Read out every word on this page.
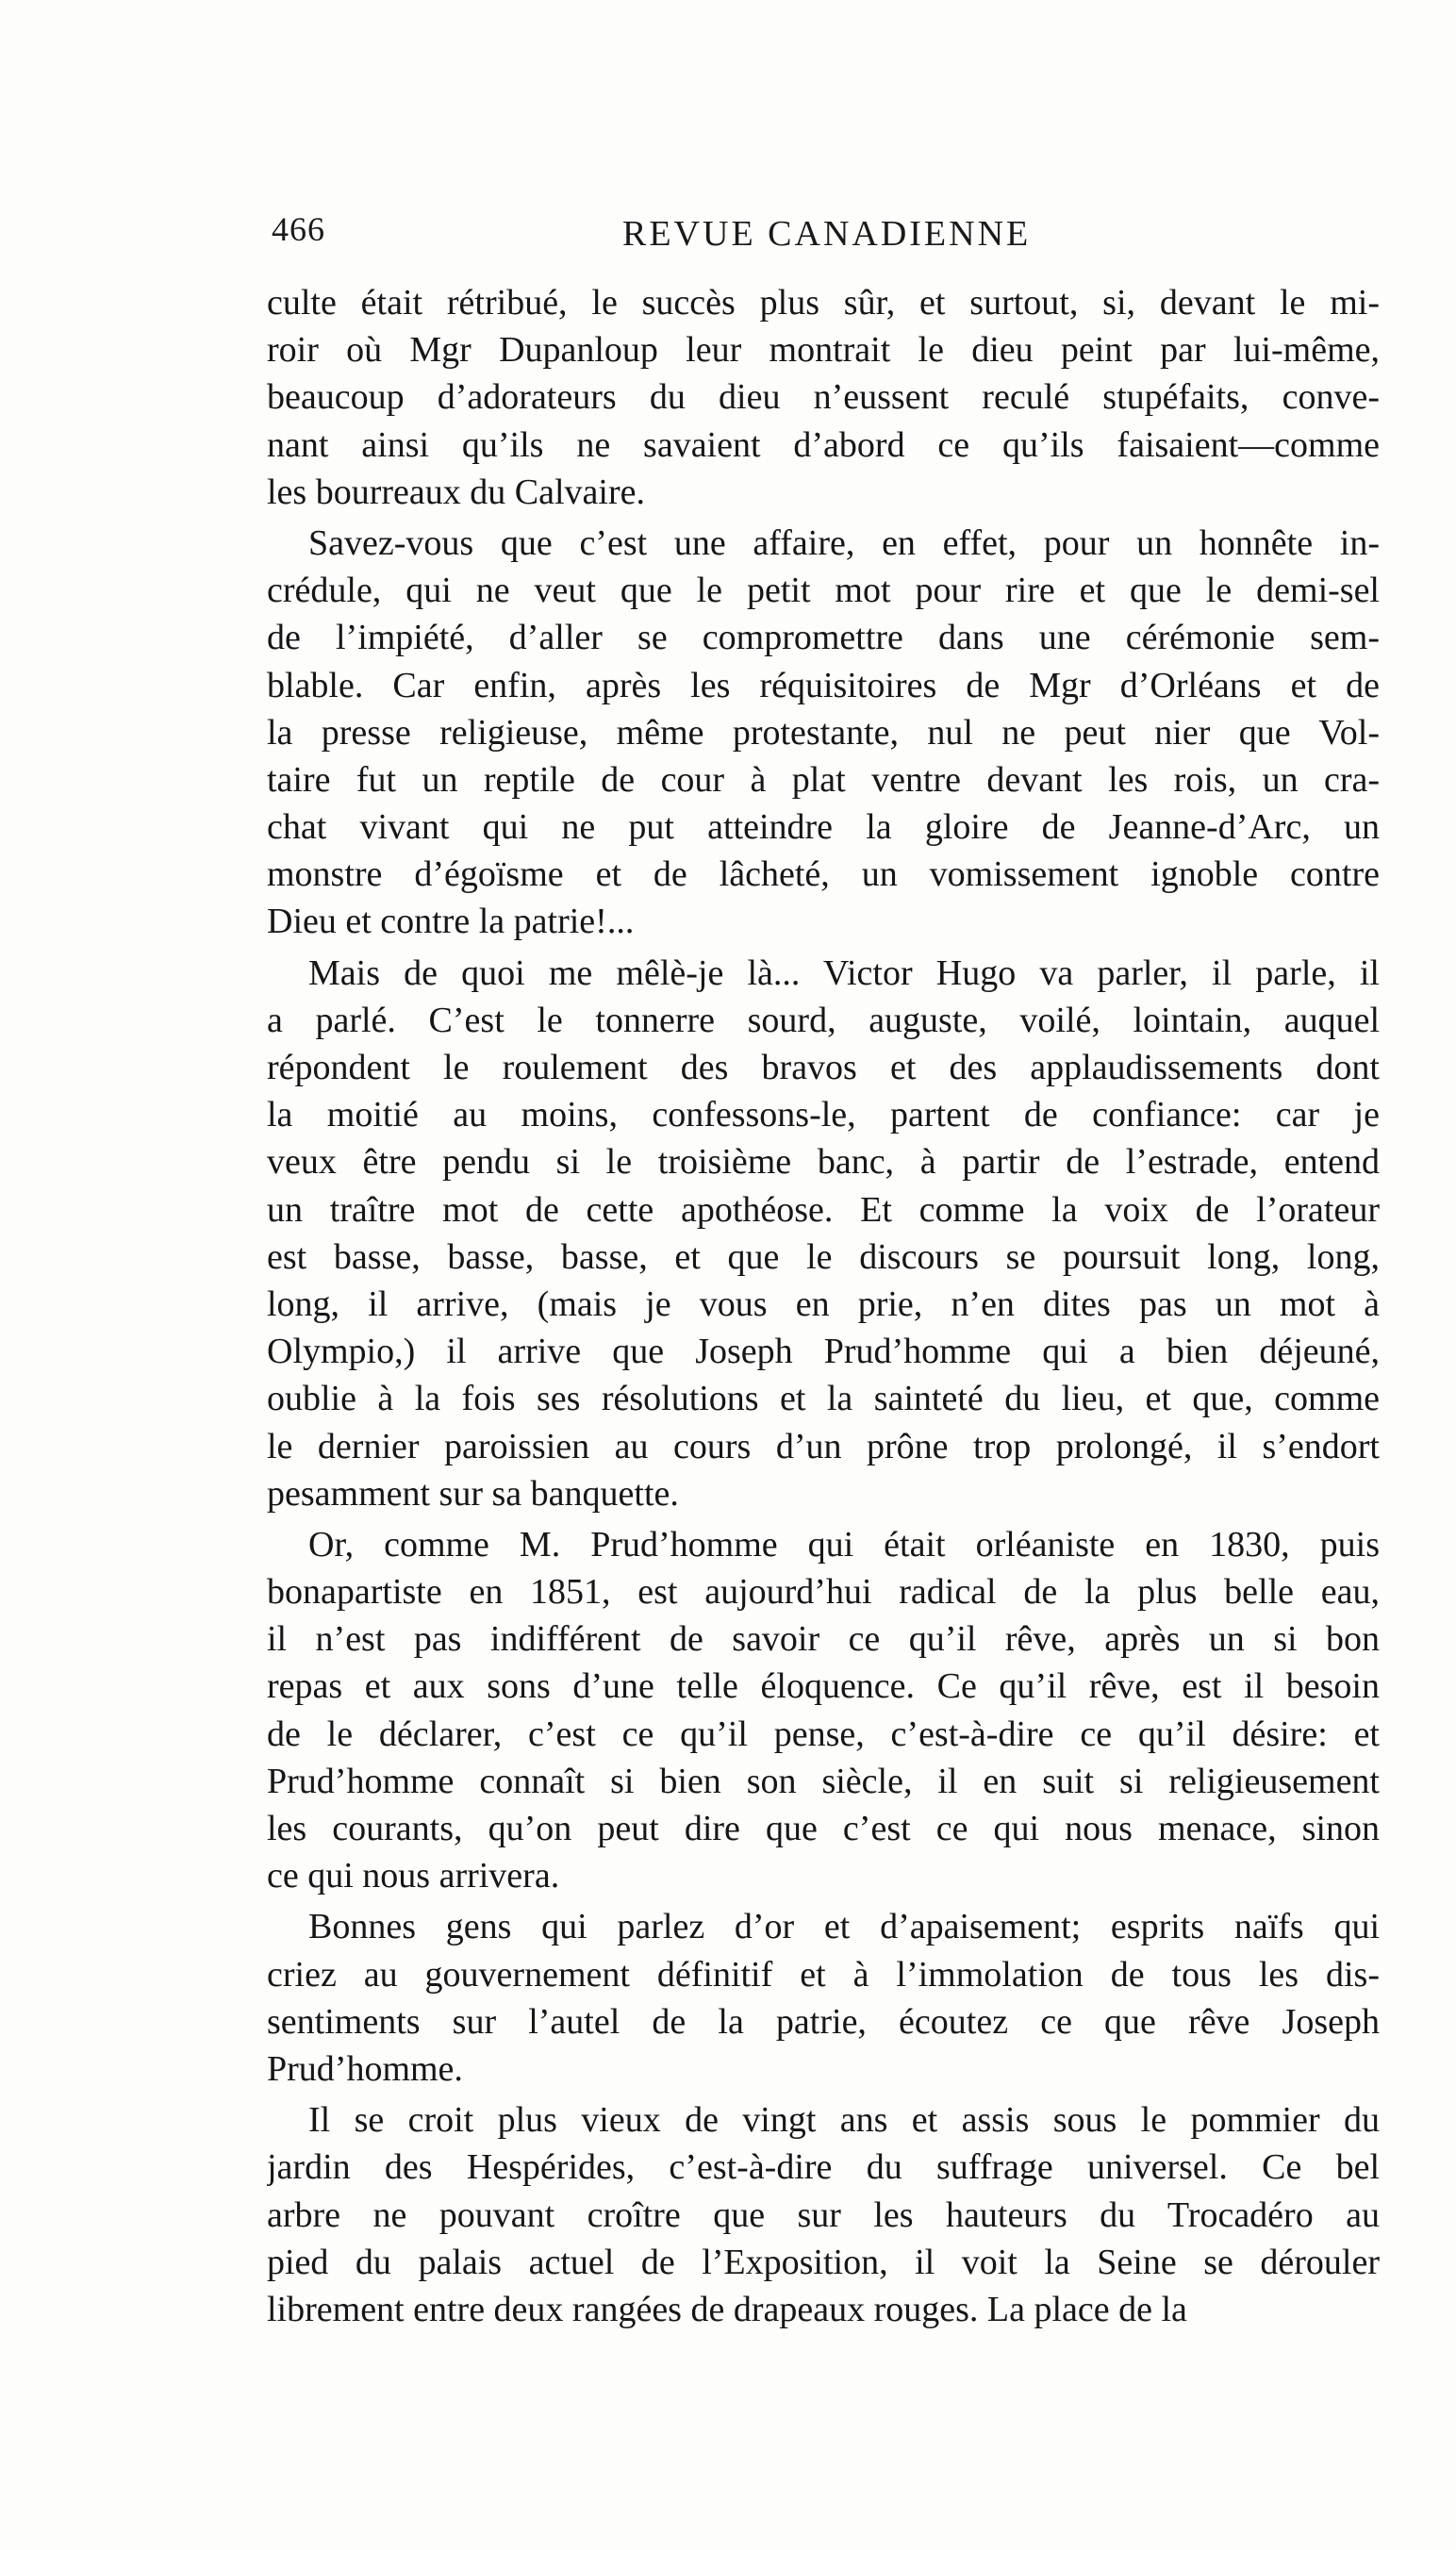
466	REVUE CANADIENNE
culte était rétribué, le succès plus sûr, et surtout, si, devant le mi-
roir où Mgr Dupanloup leur montrait le dieu peint par lui-même,
beaucoup d’adorateurs du dieu n’eussent reculé stupéfaits, conve-
nant ainsi qu’ils ne savaient d’abord ce qu’ils faisaient—comme
les bourreaux du Calvaire.
Savez-vous que c’est une affaire, en effet, pour un honnête in-
crédule, qui ne veut que le petit mot pour rire et que le demi-sel
de l’impiété, d’aller se compromettre dans une cérémonie sem-
blable. Car enfin, après les réquisitoires de Mgr d’Orléans et de
la presse religieuse, même protestante, nul ne peut nier que Vol-
taire fut un reptile de cour à plat ventre devant les rois, un cra-
chat vivant qui ne put atteindre la gloire de Jeanne-d’Arc, un
monstre d’égoïsme et de lâcheté, un vomissement ignoble contre
Dieu et contre la patrie!...
Mais de quoi me mêlè-je là... Victor Hugo va parler, il parle, il
a parlé. C’est le tonnerre sourd, auguste, voilé, lointain, auquel
répondent le roulement des bravos et des applaudissements dont
la moitié au moins, confessons-le, partent de confiance: car je
veux être pendu si le troisième banc, à partir de l’estrade, entend
un traître mot de cette apothéose. Et comme la voix de l’orateur
est basse, basse, basse, et que le discours se poursuit long, long,
long, il arrive, (mais je vous en prie, n’en dites pas un mot à
Olympio,) il arrive que Joseph Prud’homme qui a bien déjeuné,
oublie à la fois ses résolutions et la sainteté du lieu, et que, comme
le dernier paroissien au cours d’un prône trop prolongé, il s’endort
pesamment sur sa banquette.
Or, comme M. Prud’homme qui était orléaniste en 1830, puis
bonapartiste en 1851, est aujourd’hui radical de la plus belle eau,
il n’est pas indifférent de savoir ce qu’il rêve, après un si bon
repas et aux sons d’une telle éloquence. Ce qu’il rêve, est il besoin
de le déclarer, c’est ce qu’il pense, c’est-à-dire ce qu’il désire: et
Prud’homme connaît si bien son siècle, il en suit si religieusement
les courants, qu’on peut dire que c’est ce qui nous menace, sinon
ce qui nous arrivera.
Bonnes gens qui parlez d’or et d’apaisement; esprits naïfs qui
criez au gouvernement définitif et à l’immolation de tous les dis-
sentiments sur l’autel de la patrie, écoutez ce que rêve Joseph
Prud’homme.
Il se croit plus vieux de vingt ans et assis sous le pommier du
jardin des Hespérides, c’est-à-dire du suffrage universel. Ce bel
arbre ne pouvant croître que sur les hauteurs du Trocadéro au
pied du palais actuel de l’Exposition, il voit la Seine se dérouler
librement entre deux rangées de drapeaux rouges. La place de la
